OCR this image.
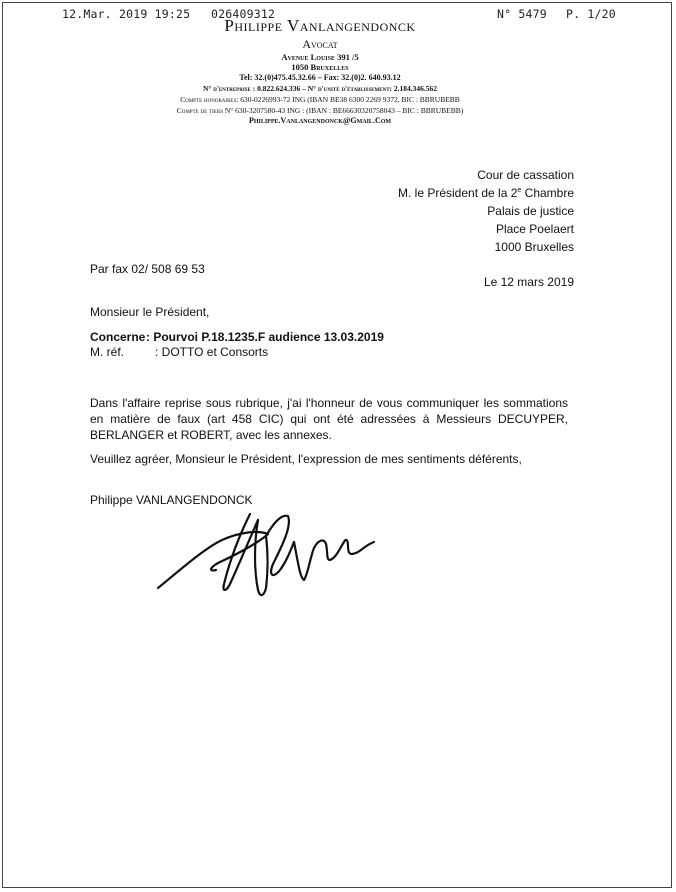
12.Mar. 2019 19:25 026409312	N° 5479 P. 1/20
Philippe Vanlangendonck
Avocat
Avenue Louise 391 /5
1050 Bruxelles
Tel: 32.(0)475.45.32.66 – Fax: 32.(0)2. 640.93.12
N° d'entreprise : 0.822.624.336 – N° d'unité d'établissement: 2.184.346.562
Compte honoraires: 630-0226993-72 ING (IBAN BE38 6300 2269 9372, BIC : BBRUBEBB
Compte de tiers N° 630-3207580-43 ING : (IBAN : BE66630320758043 – BIC : BBRUBEBB)
Philippe.Vanlangendonck@Gmail.Com
Cour de cassation
M. le Président de la 2e Chambre
Palais de justice
Place Poelaert
1000 Bruxelles
Par fax 02/ 508 69 53
Le 12 mars 2019
Monsieur le Président,
Concerne : Pourvoi P.18.1235.F audience 13.03.2019
M. réf.	: DOTTO et Consorts
Dans l'affaire reprise sous rubrique, j'ai l'honneur de vous communiquer les sommations en matière de faux (art 458 CIC) qui ont été adressées à Messieurs DECUYPER, BERLANGER et ROBERT, avec les annexes.
Veuillez agréer, Monsieur le Président, l'expression de mes sentiments déférents,
Philippe VANLANGENDONCK
